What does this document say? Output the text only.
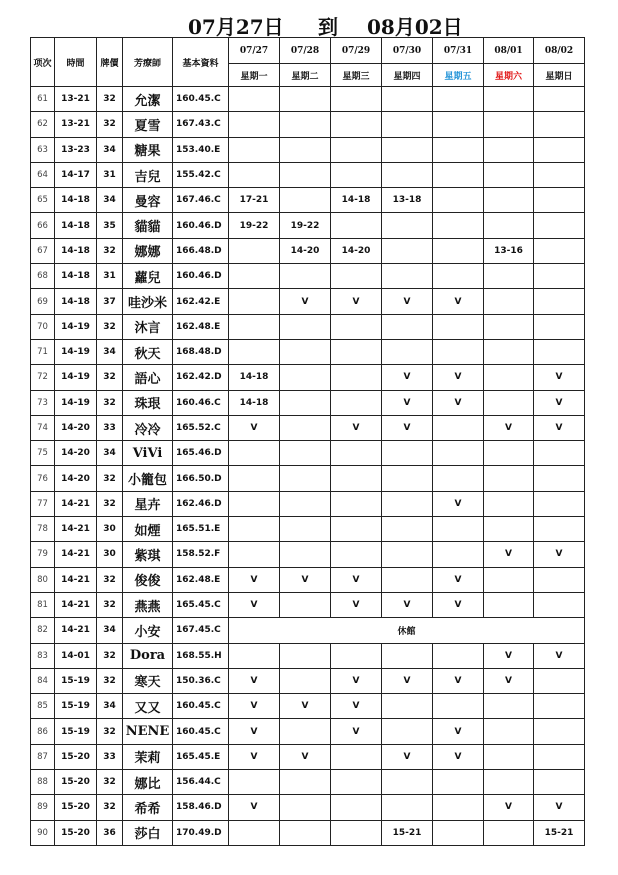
07月27日 到 08月02日
项次	時間	牌價	芳療師	基本資料	07/27	07/28	07/29	07/30	07/31	08/01	08/02
					星期一	星期二	星期三	星期四	星期五	星期六	星期日
61	13-21	32	允潔	160.45.C							
62	13-21	32	夏雪	167.43.C							
63	13-23	34	糖果	153.40.E							
64	14-17	31	吉兒	155.42.C							
65	14-18	34	曼容	167.46.C	17-21		14-18	13-18			
66	14-18	35	貓貓	160.46.D	19-22	19-22					
67	14-18	32	娜娜	166.48.D		14-20	14-20			13-16	
68	14-18	31	蘿兒	160.46.D							
69	14-18	37	哇沙米	162.42.E		V	V	V	V		
70	14-19	32	沐言	162.48.E							
71	14-19	34	秋天	168.48.D							
72	14-19	32	語心	162.42.D	14-18			V	V		V
73	14-19	32	珠珢	160.46.C	14-18			V	V		V
74	14-20	33	冷冷	165.52.C	V		V	V		V	V
75	14-20	34	ViVi	165.46.D							
76	14-20	32	小籠包	166.50.D							
77	14-21	32	星卉	162.46.D					V		
78	14-21	30	如煙	165.51.E							
79	14-21	30	紫琪	158.52.F						V	V
80	14-21	32	俊俊	162.48.E	V	V	V		V		
81	14-21	32	燕燕	165.45.C	V		V	V	V		
82	14-21	34	小安	167.45.C	休館						
83	14-01	32	Dora	168.55.H						V	V
84	15-19	32	寒天	150.36.C	V		V	V	V	V	
85	15-19	34	又又	160.45.C	V	V	V				
86	15-19	32	NENE	160.45.C	V		V		V		
87	15-20	33	茉莉	165.45.E	V	V		V	V		
88	15-20	32	娜比	156.44.C							
89	15-20	32	希希	158.46.D	V					V	V
90	15-20	36	莎白	170.49.D				15-21			15-21
